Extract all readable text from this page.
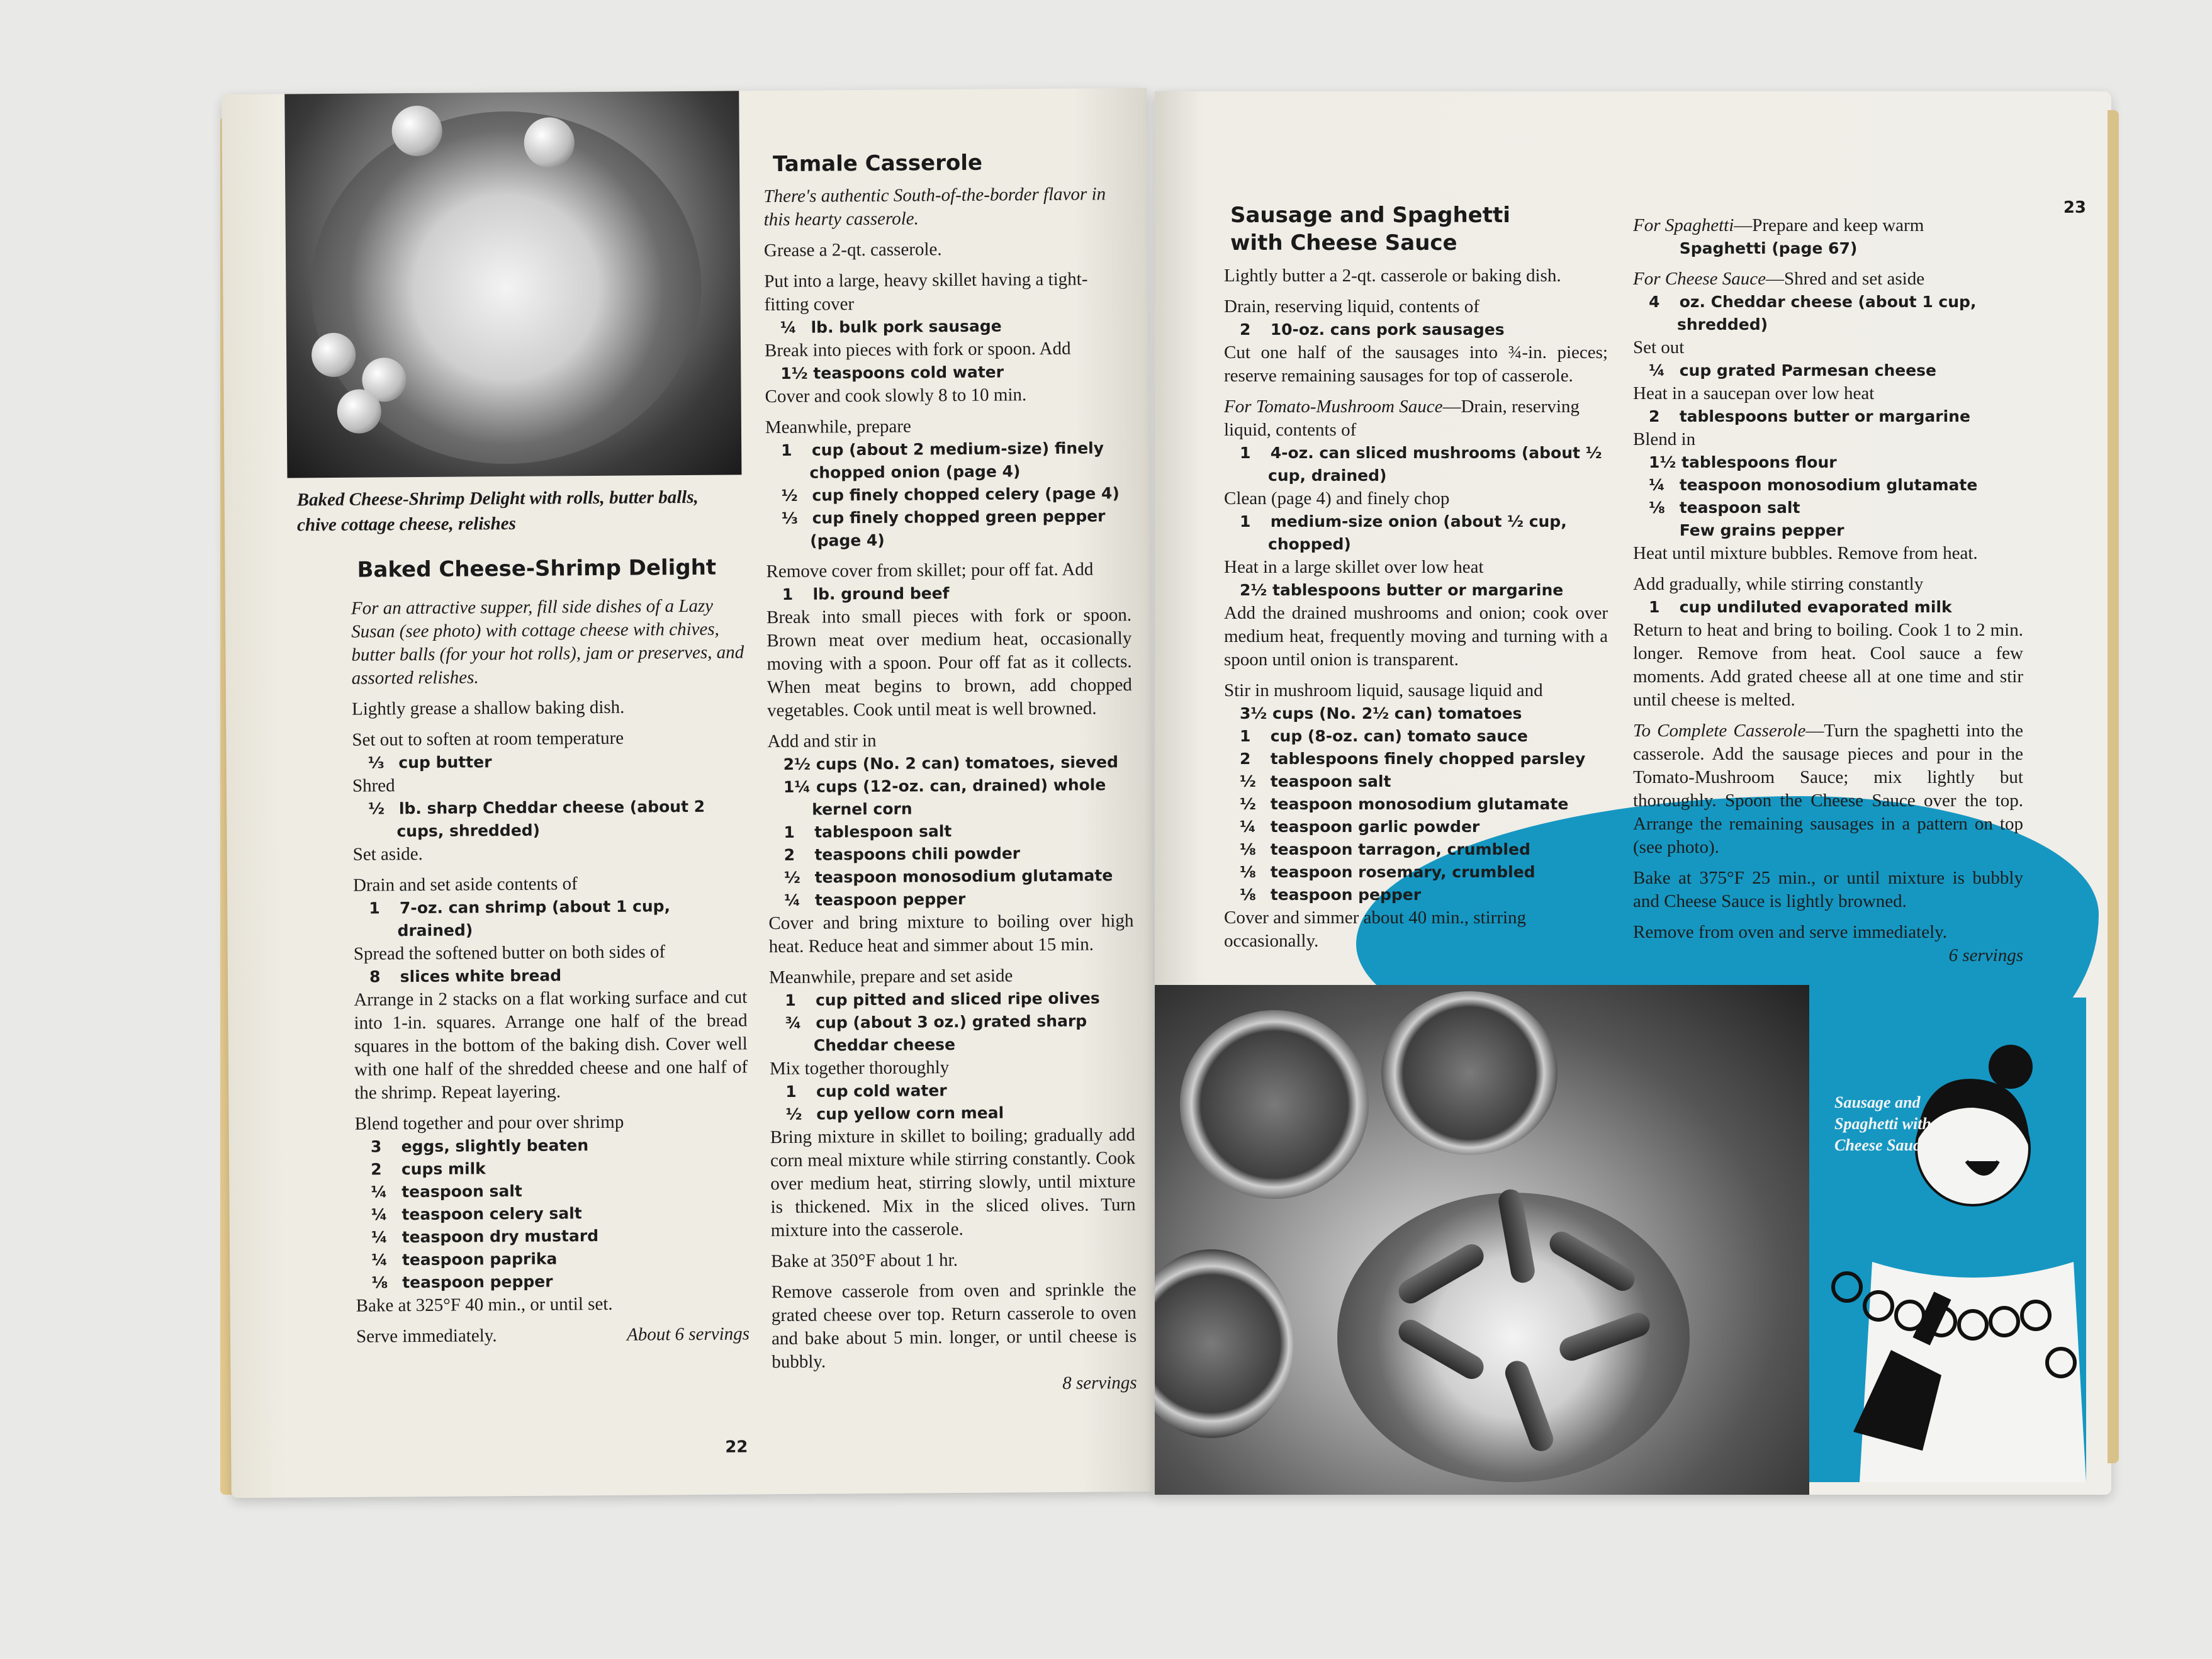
Baked Cheese-Shrimp Delight with rolls, butter balls, chive cottage cheese, relishes
Baked Cheese-Shrimp Delight

For an attractive supper, fill side dishes of a Lazy Susan (see photo) with cottage cheese with chives, butter balls (for your hot rolls), jam or preserves, and assorted relishes.

Lightly grease a shallow baking dish.

Set out to soften at room temperature

⅓ cup butter

Shred

½ lb. sharp Cheddar cheese (about 2 cups, shredded)

Set aside.

Drain and set aside contents of

1 7-oz. can shrimp (about 1 cup, drained)

Spread the softened butter on both sides of

8 slices white bread

Arrange in 2 stacks on a flat working surface and cut into 1-in. squares. Arrange one half of the bread squares in the bottom of the baking dish. Cover well with one half of the shredded cheese and one half of the shrimp. Repeat layering.

Blend together and pour over shrimp

3 eggs, slightly beaten

2 cups milk

¼ teaspoon salt

¼ teaspoon celery salt

¼ teaspoon dry mustard

¼ teaspoon paprika

⅛ teaspoon pepper

Bake at 325°F 40 min., or until set.

Serve immediately.	About 6 servings

Tamale Casserole

There's authentic South-of-the-border flavor in this hearty casserole.

Grease a 2-qt. casserole.

Put into a large, heavy skillet having a tight-fitting cover

¼ lb. bulk pork sausage

Break into pieces with fork or spoon. Add

1½ teaspoons cold water

Cover and cook slowly 8 to 10 min.

Meanwhile, prepare

1 cup (about 2 medium-size) finely chopped onion (page 4)

½ cup finely chopped celery (page 4)

⅓ cup finely chopped green pepper (page 4)

Remove cover from skillet; pour off fat. Add

1 lb. ground beef

Break into small pieces with fork or spoon. Brown meat over medium heat, occasionally moving with a spoon. Pour off fat as it collects. When meat begins to brown, add chopped vegetables. Cook until meat is well browned.

Add and stir in

2½ cups (No. 2 can) tomatoes, sieved

1¼ cups (12-oz. can, drained) whole kernel corn

1 tablespoon salt

2 teaspoons chili powder

½ teaspoon monosodium glutamate

¼ teaspoon pepper

Cover and bring mixture to boiling over high heat. Reduce heat and simmer about 15 min.

Meanwhile, prepare and set aside

1 cup pitted and sliced ripe olives

¾ cup (about 3 oz.) grated sharp Cheddar cheese

Mix together thoroughly

1 cup cold water

½ cup yellow corn meal

Bring mixture in skillet to boiling; gradually add corn meal mixture while stirring constantly. Cook over medium heat, stirring slowly, until mixture is thickened. Mix in the sliced olives. Turn mixture into the casserole.

Bake at 350°F about 1 hr.

Remove casserole from oven and sprinkle the grated cheese over top. Return casserole to oven and bake about 5 min. longer, or until cheese is bubbly.

8 servings

22
23
Sausage and Spaghetti with Cheese Sauce

Lightly butter a 2-qt. casserole or baking dish.

Drain, reserving liquid, contents of

2 10-oz. cans pork sausages

Cut one half of the sausages into ¾-in. pieces; reserve remaining sausages for top of casserole.

For Tomato-Mushroom Sauce—Drain, reserving liquid, contents of

1 4-oz. can sliced mushrooms (about ½ cup, drained)

Clean (page 4) and finely chop

1 medium-size onion (about ½ cup, chopped)

Heat in a large skillet over low heat

2½ tablespoons butter or margarine

Add the drained mushrooms and onion; cook over medium heat, frequently moving and turning with a spoon until onion is transparent.

Stir in mushroom liquid, sausage liquid and

3½ cups (No. 2½ can) tomatoes

1 cup (8-oz. can) tomato sauce

2 tablespoons finely chopped parsley

½ teaspoon salt

½ teaspoon monosodium glutamate

¼ teaspoon garlic powder

⅛ teaspoon tarragon, crumbled

⅛ teaspoon rosemary, crumbled

⅛ teaspoon pepper

Cover and simmer about 40 min., stirring occasionally.

For Spaghetti—Prepare and keep warm

Spaghetti (page 67)

For Cheese Sauce—Shred and set aside

4 oz. Cheddar cheese (about 1 cup, shredded)

Set out

¼ cup grated Parmesan cheese

Heat in a saucepan over low heat

2 tablespoons butter or margarine

Blend in

1½ tablespoons flour

¼ teaspoon monosodium glutamate

⅛ teaspoon salt

Few grains pepper

Heat until mixture bubbles. Remove from heat.

Add gradually, while stirring constantly

1 cup undiluted evaporated milk

Return to heat and bring to boiling. Cook 1 to 2 min. longer. Remove from heat. Cool sauce a few moments. Add grated cheese all at one time and stir until cheese is melted.

To Complete Casserole—Turn the spaghetti into the casserole. Add the sausage pieces and pour in the Tomato-Mushroom Sauce; mix lightly but thoroughly. Spoon the Cheese Sauce over the top. Arrange the remaining sausages in a pattern on top (see photo).

Bake at 375°F 25 min., or until mixture is bubbly and Cheese Sauce is lightly browned.

Remove from oven and serve immediately.

6 servings

Sausage and Spaghetti with Cheese Sauce
